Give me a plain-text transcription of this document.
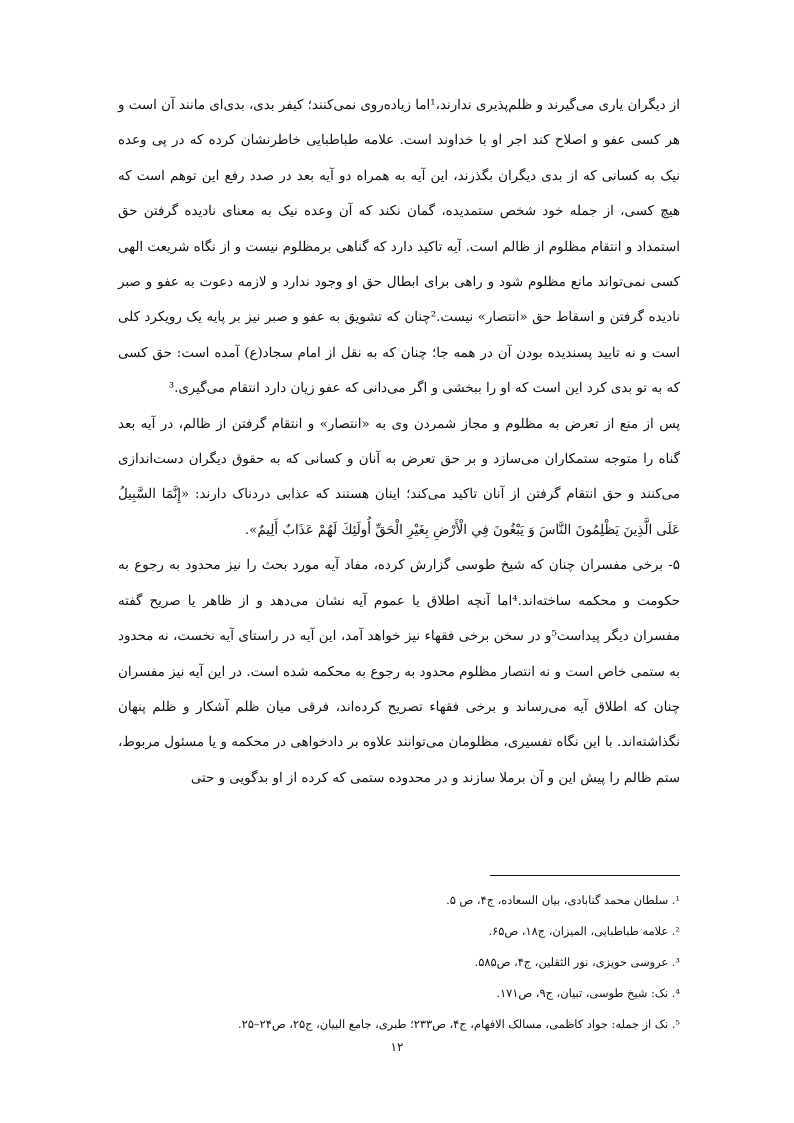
از دیگران یاری می‌گیرند و ظلم‌پذیری ندارند،¹اما زیاده‌روی نمی‌کنند؛ کیفر بدی، بدی‌ای مانند آن است و هر کسی عفو و اصلاح کند اجر او با خداوند است. علامه طباطبایی خاطرنشان کرده که در پی وعده نیک به کسانی که از بدی دیگران بگذرند، این آیه به همراه دو آیه بعد در صدد رفع این توهم است که هیچ کسی، از جمله خود شخص ستمدیده، گمان نکند که آن وعده نیک به معنای نادیده گرفتن حق استمداد و انتقام مظلوم از ظالم است. آیه تاکید دارد که گناهی برمظلوم نیست و از نگاه شریعت الهی کسی نمی‌تواند مانع مظلوم شود و راهی برای ابطال حق او وجود ندارد و لازمه دعوت به عفو و صبر نادیده گرفتن و اسقاط حق «انتصار» نیست.²چنان که تشویق به عفو و صبر نیز بر پایه یک رویکرد کلی است و نه تایید پسندیده بودن آن در همه جا؛ چنان که به نقل از امام سجاد(ع) آمده است: حق کسی که به تو بدی کرد این است که او را ببخشی و اگر می‌دانی که عفو زیان دارد انتقام می‌گیری.³

پس از منع از تعرض به مظلوم و مجاز شمردن وی به «انتصار» و انتقام گرفتن از ظالم، در آیه بعد گناه را متوجه ستمکاران می‌سازد و بر حق تعرض به آنان و کسانی که به حقوق دیگران دست‌اندازی می‌کنند و حق انتقام گرفتن از آنان تاکید می‌کند؛ اینان هستند که عذابی دردناک دارند: «إِنَّمَا السَّبِيلُ عَلَى الَّذِينَ يَظْلِمُونَ النَّاسَ وَ يَبْغُونَ فِي الْأَرْضِ بِغَيْرِ الْحَقِّ أُولَئِكَ لَهُمْ عَذَابٌ أَلِيمٌ».

۵- برخی مفسران چنان که شیخ طوسی گزارش کرده، مفاد آیه مورد بحث را نیز محدود به رجوع به حکومت و محکمه ساخته‌اند.⁴اما آنچه اطلاق یا عموم آیه نشان می‌دهد و از ظاهر یا صریح گفته مفسران دیگر پیداست⁵و در سخن برخی فقهاء نیز خواهد آمد، این آیه در راستای آیه نخست، نه محدود به ستمی خاص است و نه انتصار مظلوم محدود به رجوع به محکمه شده است. در این آیه نیز مفسران چنان که اطلاق آیه می‌رساند و برخی فقهاء تصریح کرده‌اند، فرقی میان ظلم آشکار و ظلم پنهان نگذاشته‌اند. با این نگاه تفسیری، مظلومان می‌توانند علاوه بر دادخواهی در محکمه و یا مسئول مربوط، ستم ظالم را پیش این و آن برملا سازند و در محدوده ستمی که کرده از او بدگویی و حتی

¹. سلطان محمد گنابادی، بیان السعاده، ج۴، ص ۵.

². علامه طباطبایی، المیزان، ج۱۸، ص۶۵.

³. عروسی حویزی، نور الثقلین، ج۴، ص۵۸۵.

⁴. نک: شیخ طوسی، تبیان، ج۹، ص۱۷۱.

⁵. نک از جمله: جواد کاظمی، مسالک الافهام، ج۴، ص۲۳۳؛ طبری، جامع البیان، ج۲۵، ص۲۴–۲۵.

۱۲
